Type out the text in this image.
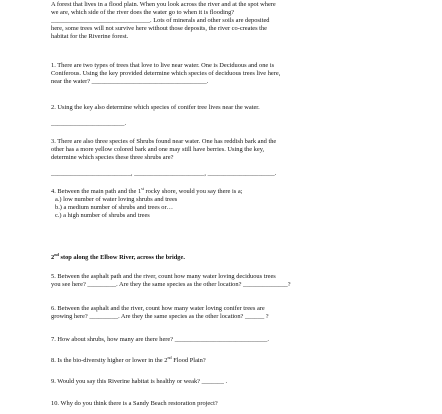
A forest that lives in a flood plain. When you look across the river and at the spot where
we are, which side of the river does the water go to when it is flooding?
_______________________________. Lots of minerals and other soils are deposited
here, some trees will not survive here without those deposits, the river co-creates the
habitat for the Riverine forest.
1. There are two types of trees that love to live near water. One is Deciduous and one is
Coniferous. Using the key provided determine which species of deciduous trees live here,
near the water? ____________________________________.
2. Using the key also determine which species of conifer tree lives near the water.
_______________________.
3. There are also three species of Shrubs found near water. One has reddish bark and the
other has a more yellow colored bark and one may still have berries. Using the key,
determine which species these three shrubs are?
_________________________, ______________________, _____________________.
4. Between the main path and the 1st rocky shore, would you say there is a;
a.) low number of water loving shrubs and trees
b.) a medium number of shrubs and trees or…
c.) a high number of shrubs and trees
2nd stop along the Elbow River, across the bridge.
5. Between the asphalt path and the river, count how many water loving deciduous trees
you see here? _________. Are they the same species as the other location? ______________?
6. Between the asphalt and the river, count how many water loving conifer trees are
growing here? _________. Are they the same species as the other location? ______ ?
7. How about shrubs, how many are there here? _____________________________.
8. Is the bio-diversity higher or lower in the 2nd Flood Plain?
9. Would you say this Riverine habitat is healthy or weak? _______ .
10. Why do you think there is a Sandy Beach restoration project?
